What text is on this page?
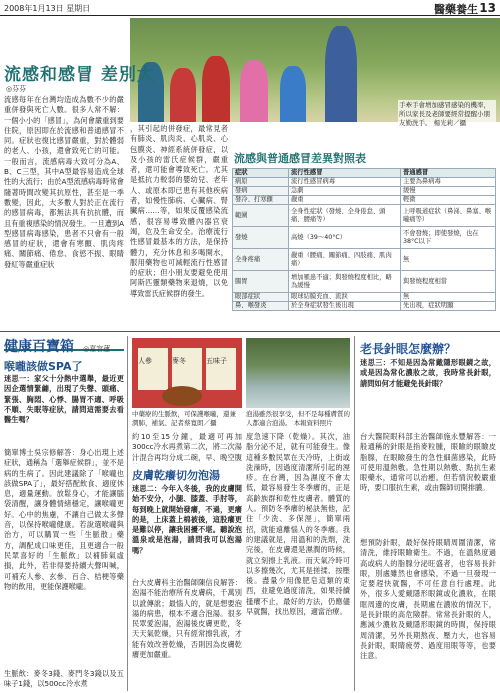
2008年1月13日 星期日	醫藥養生 13
手牽手會增加感冒感染的機率，所以家長及老師要經常提醒小朋友勤洗手。 楊光莉／攝
流感和感冒 差別大
◎芬芬
流感每年在台灣均造成為數不少的嚴重併發與死亡人數。很多人常不解：一個小小的「感冒」，為何會嚴重到要住院，原因即在於流感和普通感冒不同。症狀也復比感冒嚴重，對於體弱的老人、小孩，還會致死亡的可能。一般而言，流感病毒大致可分為A、B、C三型，其中A型最容易造成全球性的大流行；由於A型流感病毒時常會隨著時間改變其抗原性，甚至是一季數變，因此，大多數人對於正在流行的感冒病毒，都無法具有抗抗體，而且有重複感染的情況發生。一旦遭到A型感冒病毒感染，患者不只會有一般感冒的症狀，還會有寒顫、肌肉疼痛、關節痛、倦怠、食慾不振、眼睛發紅等嚴重症狀
，其引起的併發症，最常見者有肺炎、肌肉炎、心肌炎、心包膜炎、神經系統併發症，以及小孩的雷氏症候群，嚴重者，還可能會導致死亡。尤其是抵抗力較弱的嬰幼兒、老年人、或原本即已患有其他疾病者，如慢性肺病、心臟病、腎臟病……等，如果反覆感染流感，很容易導致體內器官衰竭，危及生命安全。治療流行性感冒最基本的方法，是保持體力，充分休息和多喝開水，服用藥物也可減輕流行性感冒的症狀；但小朋友要避免使用阿斯匹靈類藥物來退燒，以免導致雷氏症候群的發生。
流感與普通感冒差異對照表
症狀	流行性感冒	普通感冒
病原	流行性感冒病毒	主要為鼻病毒
發病	急劇	緩慢
發冷、打寒顫	嚴重	輕微
範圍	全身性症狀（發燒、全身倦怠、頭痛、腰痛等）	上呼吸道症狀（鼻涕、鼻塞、喉嚨痛等）
發燒	高燒（39～40°C）	不會發燒；即使發燒，也在38°C以下
全身疼痛	嚴重（腰痛、關節痛、四肢痛、肌肉痛）	無
腸胃	增加罹患不適；與發燒程度相比，略為緩慢	與發燒程度相當
眼部症狀	眼球結膜充血、流淚	無
鼻、喉發炎	於全身症狀發生後出現	先出現，症狀明顯
健康百寶箱 ◎嘉容蓮
喉嚨該做SPA了
迷思一：家父十分熱中選舉，最近更因企選情緊繃，出現了失聲、頭痛、緊張、胸悶、心悸、腸胃不適、呼吸不順、失眠等症狀，請問這需要去看醫生嗎？
簡單博士吳宗修解答：身心出現上述症狀，通稱為「選舉症候群」，並不是病的生病了。因此建議除了「喉嚨也該做SPA了」，最好搭配飲食、適度休息，適量運動。放鬆身心，才能讓腦袋清醒，讓身體情緒穩定，讓喉嚨更好。心中的焦慮，不讓自己做太多聲音，以保持喉嚨健康。若說選喉嚨與治方，可以購買一些「生脈散」藥方，調配成口味更佳，且更適合一般民眾喜好的「生脈飲」以補肺氣虛損，此外，若非得要持續大聲叫喊，可補充人參、玄參、百合、桔梗等藥物的飲用，更能保護喉嚨。
生脈飲：麥冬3錢、麥門冬3錢以及五味子1錢，以500cc冷水煮
人參	麥冬	五味子
中藥療的生脈飲，可保護喉嚨，還兼潤肺，補氣、記者蔡寬朗／攝
泡湯雖然很享受，但不是每種膚質的人都適合泡湯。 本報資料照片
約10至15分鐘，最適可再加300cc冷水再煮第二次，將二次湯汁混合再均分成二碗，早、晚空腹
皮膚乾癢切勿泡湯
迷思二：今年入冬後，我的皮膚開始不安分，小腿、膝蓋、手肘等，每到晚上就開始發癢，不過，更癢的是，上床蓋上棉被後，這股癢更是難以停，讓我困擾不堪。聽說泡溫泉或是泡湯，請問我可以泡湯嗎？
台大皮膚科主治醫師陳信良解答：泡湯不能治療所有皮膚病，千萬別以訛傳訛；最惱人的，就是想要泡湯的病患，根本不適合泡湯。很多民眾愛泡湯，泡湯後皮膚更乾，冬天天氣乾燥，只有經常擦乳液，才能有效改善乾燥，否則因為皮膚乾癢更加嚴重。
度急速下降（乾燥）。其次，油脂分泌不足，就有可能發生。像這種多數民眾在天冷時，上街或洗澡時，因過度清潔所引起的溼疹。在台灣，因為濕度不會太低，最容易發生冬季癢的，正是高齡族群和乾性皮膚者。體質的人。預防冬季癢的秘訣無他，記住「少洗、多保溼」，簡單兩招，就能遠離惱人的冬季癢。我的建議就是，用溫和的洗劑，洗完後，在皮膚還是濕潤的時候，就立刻擦上乳液。而天氣冷時可以多擦幾次，尤其是搓揉、按壓後。盡量少用像肥皂這類的東西，並避免過度清洗，如果持續搔癢不止，最好的方法，仍應儘早就醫，找出原因，適當治療。
老長針眼怎麼辦？
迷思三：不知是因為常戴隱形眼鏡之故，或是因為常化濃妝之故，我時常長針眼，請問如何才能避免長針眼？
台大醫院眼科部主治醫師施永豐解答：一般通稱的針眼是指麥粒腫，眼瞼的眼瞼皮脂腺，在眼瞼發生的急性細菌感染，此時可使用溫熱敷。急性期以熱敷、點抗生素眼藥水，通常可以治癒。但若情況較嚴重時，要口服抗生素，或由醫師切開排膿。
想預防針眼，最好保持眼睛周圍清潔，常清洗，維持眼瞼衛生。不過，在溫熱度過高或病人的脂腺分泌旺盛者，也容易長針眼，別處雖然也會感染，不過一旦發現一定要趕快就醫，不可任意自行處理。此外，很多人愛戴隱形眼鏡或化濃妝，在眼眶周邊的皮膚，長期處在濃妝的情況下，是長針眼的高危險群。常常長針眼的人，應減少濃妝及戴隱形眼鏡的時間，保持眼周清潔，另外長期熬夜、壓力大，也容易長針眼，眼睛疲勞、過度用眼等等，也要注意。
